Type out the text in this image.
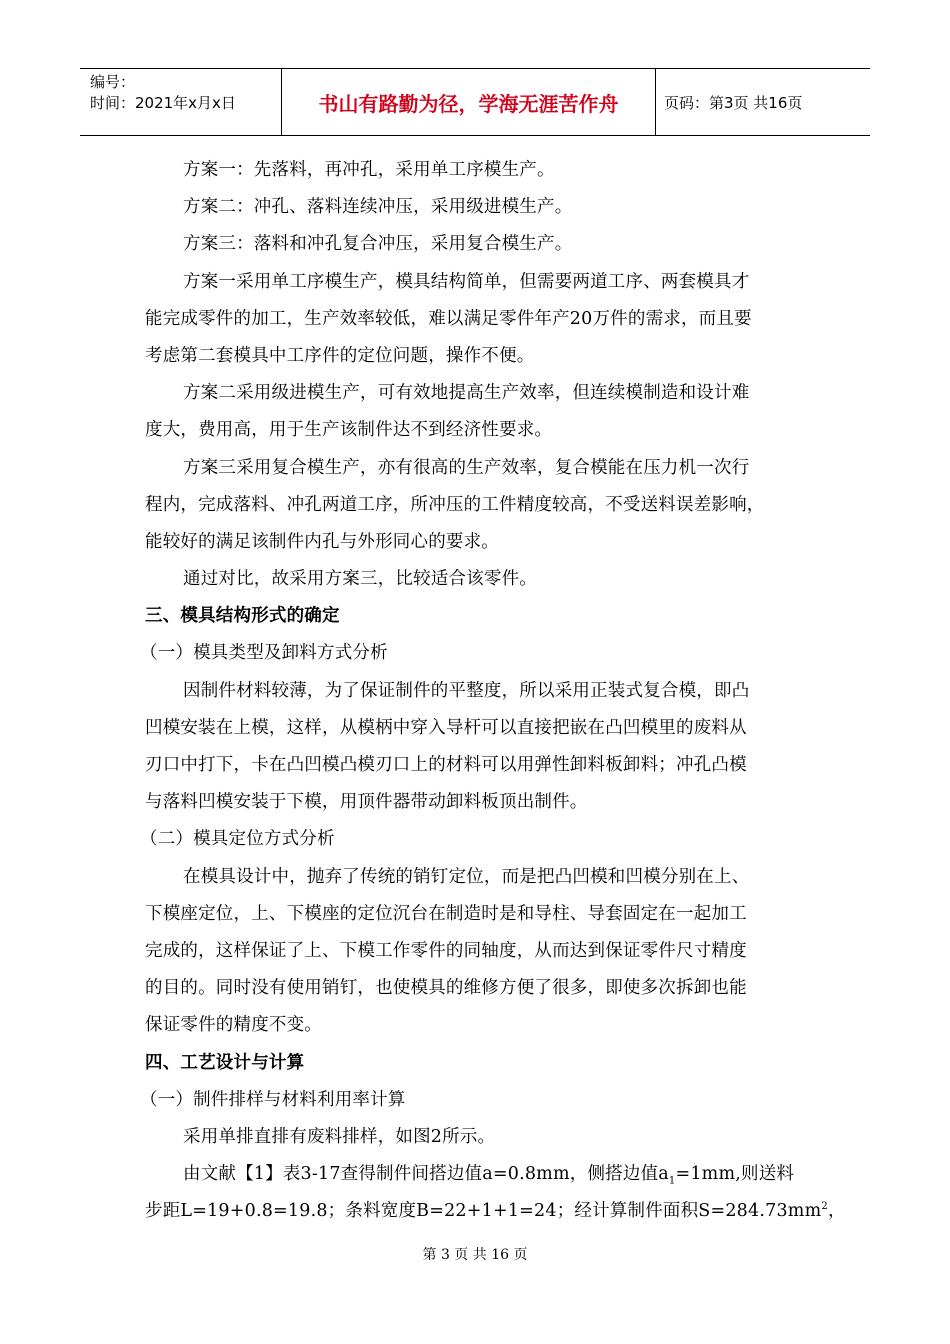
编号：
时间：2021年x月x日	书山有路勤为径，学海无涯苦作舟	页码：第3页 共16页
方案一：先落料，再冲孔，采用单工序模生产。
方案二：冲孔、落料连续冲压，采用级进模生产。
方案三：落料和冲孔复合冲压，采用复合模生产。
方案一采用单工序模生产，模具结构简单，但需要两道工序、两套模具才
能完成零件的加工，生产效率较低，难以满足零件年产20万件的需求，而且要
考虑第二套模具中工序件的定位问题，操作不便。
方案二采用级进模生产，可有效地提高生产效率，但连续模制造和设计难
度大，费用高，用于生产该制件达不到经济性要求。
方案三采用复合模生产，亦有很高的生产效率，复合模能在压力机一次行
程内，完成落料、冲孔两道工序，所冲压的工件精度较高，不受送料误差影响，
能较好的满足该制件内孔与外形同心的要求。
通过对比，故采用方案三，比较适合该零件。
三、模具结构形式的确定
（一）模具类型及卸料方式分析
因制件材料较薄，为了保证制件的平整度，所以采用正装式复合模，即凸
凹模安装在上模，这样，从模柄中穿入导杆可以直接把嵌在凸凹模里的废料从
刃口中打下，卡在凸凹模凸模刃口上的材料可以用弹性卸料板卸料；冲孔凸模
与落料凹模安装于下模，用顶件器带动卸料板顶出制件。
（二）模具定位方式分析
在模具设计中，抛弃了传统的销钉定位，而是把凸凹模和凹模分别在上、
下模座定位，上、下模座的定位沉台在制造时是和导柱、导套固定在一起加工
完成的，这样保证了上、下模工作零件的同轴度，从而达到保证零件尺寸精度
的目的。同时没有使用销钉，也使模具的维修方便了很多，即使多次拆卸也能
保证零件的精度不变。
四、工艺设计与计算
（一）制件排样与材料利用率计算
采用单排直排有废料排样，如图2所示。
由文献【1】表3-17查得制件间搭边值a=0.8mm，侧搭边值$a_1=1mm$,则送料
步距L=19+0.8=19.8；条料宽度B=22+1+1=24；经计算制件面积$S=284.73mm^2$，
第 3 页 共 16 页
